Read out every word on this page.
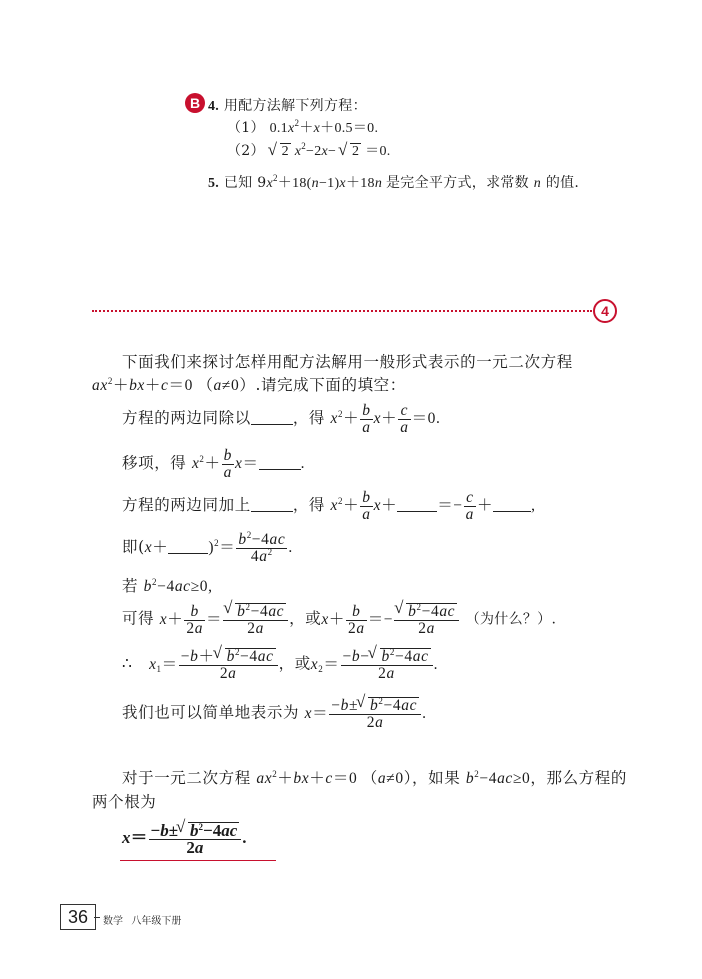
B 4. 用配方法解下列方程：
（1） $0.1x^2+x+0.5=0$.
（2） √ 2 $x^2-2x-$ √ 2 ＝0.
5. 已知 $9x^2+18(n-1)x+18n$ 是完全平方式，求常数 n 的值.
4
下面我们来探讨怎样用配方法解用一般形式表示的一元二次方程
$ax^2+bx+c=0$ （a≠0）.请完成下面的填空：
方程的两边同除以	，得 $x^2+ \frac{b}{a} x+ \frac{c}{a} =0$.
移项，得 $x^2+ \frac{b}{a} x=$	.
方程的两边同加上	，得 $x^2+ \frac{b}{a} x+$	＝− $\frac{c}{a}$ ＋ ,
即(x＋	)$^2= \frac{b^2-4ac}{4a^2}$ .
若 $b^2-4ac\ge 0$,
可得 $x+ \frac{b}{2a}$ ＝ √ $\frac{b^2-4ac}{2a}$ ，或$x+ \frac{b}{2a}$ ＝− √ $\frac{b^2-4ac}{2a}$ （为什么？）.
∴ $x_1= \frac{-b+ √ b^2-4ac}{2a}$ ，或$x_2= \frac{-b- √ b^2-4ac}{2a}$ .
我们也可以简单地表示为 $x= \frac{-b\pm √ b^2-4ac}{2a}$ .
对于一元二次方程 $ax^2+bx+c=0$ （a≠0），如果 $b^2-4ac\ge 0$，那么方程的
两个根为
$x= \frac{-b\pm √ b^2-4ac}{2a}$ .
36	数学 八年级下册
